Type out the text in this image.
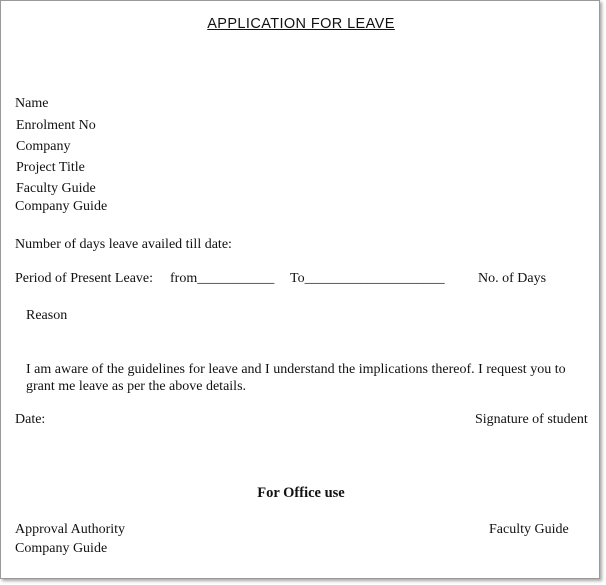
APPLICATION FOR LEAVE
Name
Enrolment No
Company
Project Title
Faculty Guide
Company Guide
Number of days leave availed till date:
Period of Present Leave: from___________ To____________________ No. of Days
Reason
I am aware of the guidelines for leave and I understand the implications thereof. I request you to grant me leave as per the above details.
Date:	Signature of student
For Office use
Approval Authority	Faculty Guide
Company Guide
